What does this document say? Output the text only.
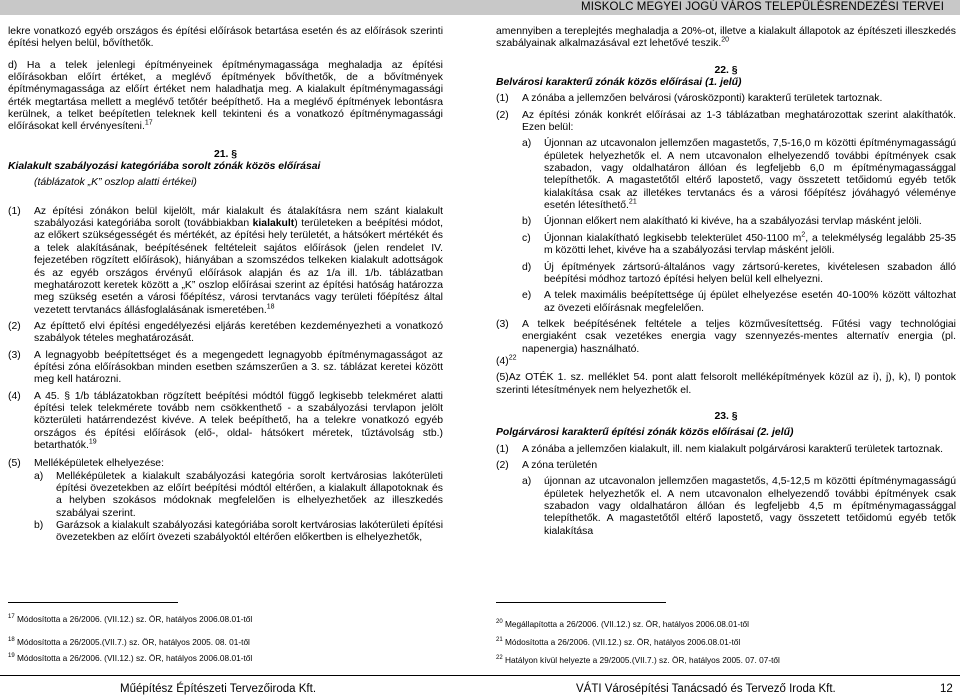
MISKOLC MEGYEI JOGÚ VÁROS TELEPÜLÉSRENDEZÉSI TERVEI

lekre vonatkozó egyéb országos és építési előírások betartása esetén és az előírások szerinti építési helyen belül, bővíthetők.

d) Ha a telek jelenlegi építményeinek építménymagassága meghaladja az építési előírásokban előírt értéket, a meglévő építmények bővíthetők, de a bővítmények építménymagassága az előírt értéket nem haladhatja meg. A kialakult építménymagassági érték megtartása mellett a meglévő tetőtér beépíthető. Ha a meglévő építmények lebontásra kerülnek, a telket beépítetlen teleknek kell tekinteni és a vonatkozó építménymagassági előírásokat kell érvényesíteni.$^{17}$

21. §
Kialakult szabályozási kategóriába sorolt zónák közös előírásai
(táblázatok „K” oszlop alatti értékei)
(1)	Az építési zónákon belül kijelölt, már kialakult és átalakításra nem szánt kialakult szabályozási kategóriába sorolt (továbbiakban kialakult) területeken a beépítési módot, az előkert szükségességét és mértékét, az építési hely területét, a hátsókert mértékét és a telek alakításának, beépítésének feltételeit sajátos előírások (jelen rendelet IV. fejezetében rögzített előírások), hiányában a szomszédos telkeken kialakult adottságok és az egyéb országos érvényű előírások alapján és az 1/a ill. 1/b. táblázatban meghatározott keretek között a „K” oszlop előírásai szerint az építési hatóság határozza meg szükség esetén a városi főépítész, városi tervtanács vagy területi főépítész által vezetett tervtanács állásfoglalásának ismeretében.$^{18}$
(2)	Az építtető elvi építési engedélyezési eljárás keretében kezdeményezheti a vonatkozó szabályok tételes meghatározását.
(3)	A legnagyobb beépítettséget és a megengedett legnagyobb építménymagasságot az építési zóna előírásokban minden esetben számszerűen a 3. sz. táblázat keretei között meg kell határozni.
(4)	A 45. § 1/b táblázatokban rögzített beépítési módtól függő legkisebb telekméret alatti építési telek telekmérete tovább nem csökkenthető - a szabályozási tervlapon jelölt közterületi határrendezést kivéve. A telek beépíthető, ha a telekre vonatkozó egyéb országos és építési előírások (elő-, oldal- hátsókert méretek, tűztávolság stb.) betarthatók.$^{19}$
(5)	Melléképületek elhelyezése:
a)	Melléképületek a kialakult szabályozási kategória sorolt kertvárosias lakóterületi építési övezetekben az előírt beépítési módtól eltérően, a kialakult állapotoknak és a helyben szokásos módoknak megfelelően is elhelyezhetőek az illeszkedés szabályai szerint.
b)	Garázsok a kialakult szabályozási kategóriába sorolt kertvárosias lakóterületi építési övezetekben az előírt övezeti szabályoktól eltérően előkertben is elhelyezhetők,

amennyiben a tereplejtés meghaladja a 20%-ot, illetve a kialakult állapotok az építészeti illeszkedés szabályainak alkalmazásával ezt lehetővé teszik.$^{20}$

22. §
Belvárosi karakterű zónák közös előírásai (1. jelű)
(1)	A zónába a jellemzően belvárosi (városközponti) karakterű területek tartoznak.
(2)	Az építési zónák konkrét előírásai az 1-3 táblázatban meghatározottak szerint alakíthatók. Ezen belül:
a)	Újonnan az utcavonalon jellemzően magastetős, 7,5-16,0 m közötti építménymagasságú épületek helyezhetők el. A nem utcavonalon elhelyezendő további építmények csak szabadon, vagy oldalhatáron állóan és legfeljebb 6,0 m építménymagassággal telepíthetők. A magastetőtől eltérő lapostető, vagy összetett tetőidomú egyéb tetők kialakítása csak az illetékes tervtanács és a városi főépítész jóváhagyó véleménye esetén létesíthető.$^{21}$
b)	Újonnan előkert nem alakítható ki kivéve, ha a szabályozási tervlap másként jelöli.
c)	Újonnan kialakítható legkisebb telekterület 450-1100 $m^2$, a telekmélység legalább 25-35 m közötti lehet, kivéve ha a szabályozási tervlap másként jelöli.
d)	Új építmények zártsorú-általános vagy zártsorú-keretes, kivételesen szabadon álló beépítési módhoz tartozó építési helyen belül kell elhelyezni.
e)	A telek maximális beépítettsége új épület elhelyezése esetén 40-100% között változhat az övezeti előírásnak megfelelően.
(3)	A telkek beépítésének feltétele a teljes közművesítettség. Fűtési vagy technológiai energiaként csak vezetékes energia vagy szennyezés-mentes alternatív energia (pl. napenergia) használható.
$(4)^{22}$

(5)Az OTÉK 1. sz. melléklet 54. pont alatt felsorolt melléképítmények közül az i), j), k), l) pontok szerinti létesítmények nem helyezhetők el.

23. §
Polgárvárosi karakterű építési zónák közös előírásai (2. jelű)
(1)	A zónába a jellemzően kialakult, ill. nem kialakult polgárvárosi karakterű területek tartoznak.
(2)	A zóna területén
a)	újonnan az utcavonalon jellemzően magastetős, 4,5-12,5 m közötti építménymagasságú épületek helyezhetők el. A nem utcavonalon elhelyezendő további építmények csak szabadon vagy oldalhatáron állóan és legfeljebb 4,5 m építménymagassággal telepíthetők. A magastetőtől eltérő lapostető, vagy összetett tetőidomú egyéb tetők kialakítása
$^{17}$ Módosította a 26/2006. (VII.12.) sz. ÖR, hatályos 2006.08.01-től
$^{18}$ Módosította a 26/2005.(VII.7.) sz. ÖR, hatályos 2005. 08. 01-től
$^{19}$ Módosította a 26/2006. (VII.12.) sz. ÖR, hatályos 2006.08.01-től
$^{20}$ Megállapította a 26/2006. (VII.12.) sz. ÖR, hatályos 2006.08.01-től
$^{21}$ Módosította a 26/2006. (VII.12.) sz. ÖR, hatályos 2006.08.01-től
$^{22}$ Hatályon kívül helyezte a 29/2005.(VII.7.) sz. ÖR, hatályos 2005. 07. 07-től
Műépítész Építészeti Tervezőiroda Kft.	VÁTI Városépítési Tanácsadó és Tervező Iroda Kft.	12
